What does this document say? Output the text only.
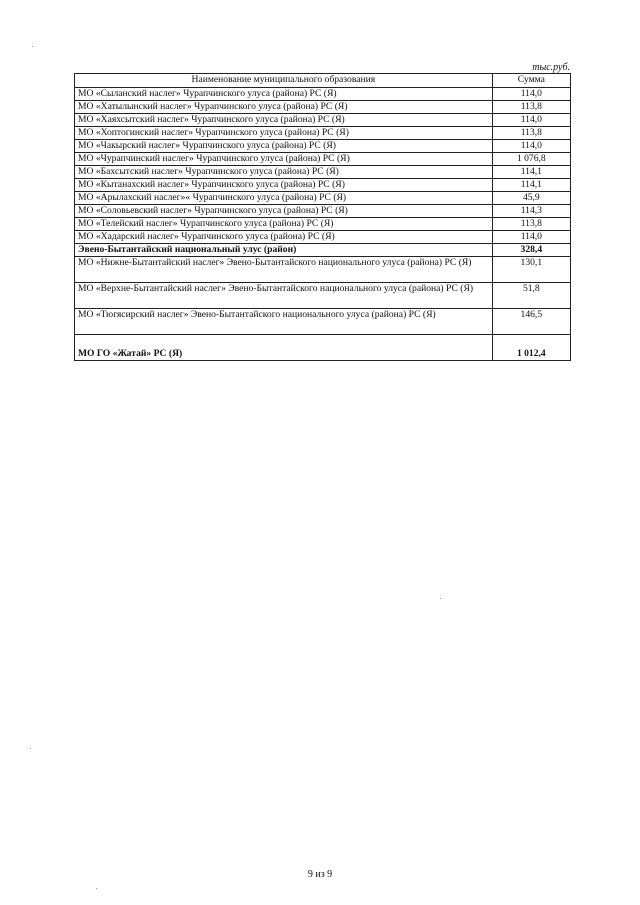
тыс.руб.
Наименование муниципального образования	Сумма
МО «Сыланский наслег» Чурапчинского улуса (района) РС (Я)	114,0
МО «Хатылынский наслег» Чурапчинского улуса (района) РС (Я)	113,8
МО «Хаяхсытский наслег» Чурапчинского улуса (района) РС (Я)	114,0
МО «Хоптогинский наслег» Чурапчинского улуса (района) РС (Я)	113,8
МО «Чакырский наслег» Чурапчинского улуса (района) РС (Я)	114,0
МО «Чурапчинский наслег» Чурапчинского улуса (района) РС (Я)	1 076,8
МО «Бахсытский наслег» Чурапчинского улуса (района) РС (Я)	114,1
МО «Кытанахский наслег» Чурапчинского улуса (района) РС (Я)	114,1
МО «Арылахский наслег»« Чурапчинского улуса (района) РС (Я)	45,9
МО «Соловьевский наслег» Чурапчинского улуса (района) РС (Я)	114,3
МО «Телейский наслег» Чурапчинского улуса (района) РС (Я)	113,8
МО «Хадарский наслег» Чурапчинского улуса (района) РС (Я)	114,0
Эвено-Бытантайский национальный улус (район)	328,4
МО «Нижне-Бытантайский наслег» Эвено-Бытантайского национального улуса (района) РС (Я)	130,1
МО «Верхне-Бытантайский наслег» Эвено-Бытантайского национального улуса (района) РС (Я)	51,8
МО «Тюгясирский наслег» Эвено-Бытантайского национального улуса (района) РС (Я)	146,5
МО ГО «Жатай» РС (Я)	1 012,4
9 из 9
